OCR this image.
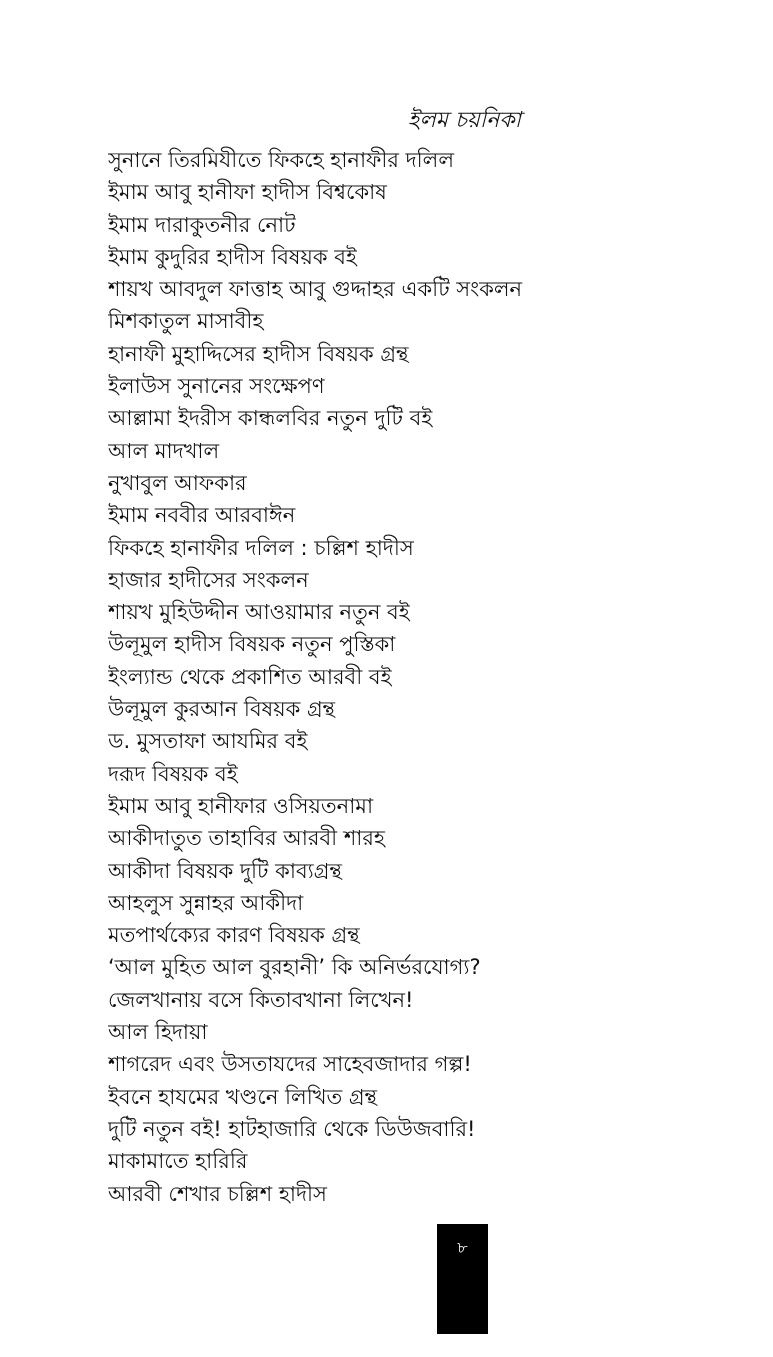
ইলম চয়নিকা
সুনানে তিরমিযীতে ফিকহে হানাফীর দলিল
ইমাম আবু হানীফা হাদীস বিশ্বকোষ
ইমাম দারাকুতনীর নোট
ইমাম কুদুরির হাদীস বিষয়ক বই
শায়খ আবদুল ফাত্তাহ আবু গুদ্দাহর একটি সংকলন
মিশকাতুল মাসাবীহ
হানাফী মুহাদ্দিসের হাদীস বিষয়ক গ্রন্থ
ইলাউস সুনানের সংক্ষেপণ
আল্লামা ইদরীস কান্ধলবির নতুন দুটি বই
আল মাদখাল
নুখাবুল আফকার
ইমাম নববীর আরবাঈন
ফিকহে হানাফীর দলিল : চল্লিশ হাদীস
হাজার হাদীসের সংকলন
শায়খ মুহিউদ্দীন আওয়ামার নতুন বই
উলূমুল হাদীস বিষয়ক নতুন পুস্তিকা
ইংল্যান্ড থেকে প্রকাশিত আরবী বই
উলূমুল কুরআন বিষয়ক গ্রন্থ
ড. মুসতাফা আযমির বই
দরূদ বিষয়ক বই
ইমাম আবু হানীফার ওসিয়তনামা
আকীদাতুত তাহাবির আরবী শারহ
আকীদা বিষয়ক দুটি কাব্যগ্রন্থ
আহলুস সুন্নাহর আকীদা
মতপার্থক্যের কারণ বিষয়ক গ্রন্থ
‘আল মুহিত আল বুরহানী’ কি অনির্ভরযোগ্য?
জেলখানায় বসে কিতাবখানা লিখেন!
আল হিদায়া
শাগরেদ এবং উসতাযদের সাহেবজাদার গল্প!
ইবনে হাযমের খণ্ডনে লিখিত গ্রন্থ
দুটি নতুন বই! হাটহাজারি থেকে ডিউজবারি!
মাকামাতে হারিরি
আরবী শেখার চল্লিশ হাদীস
৮
